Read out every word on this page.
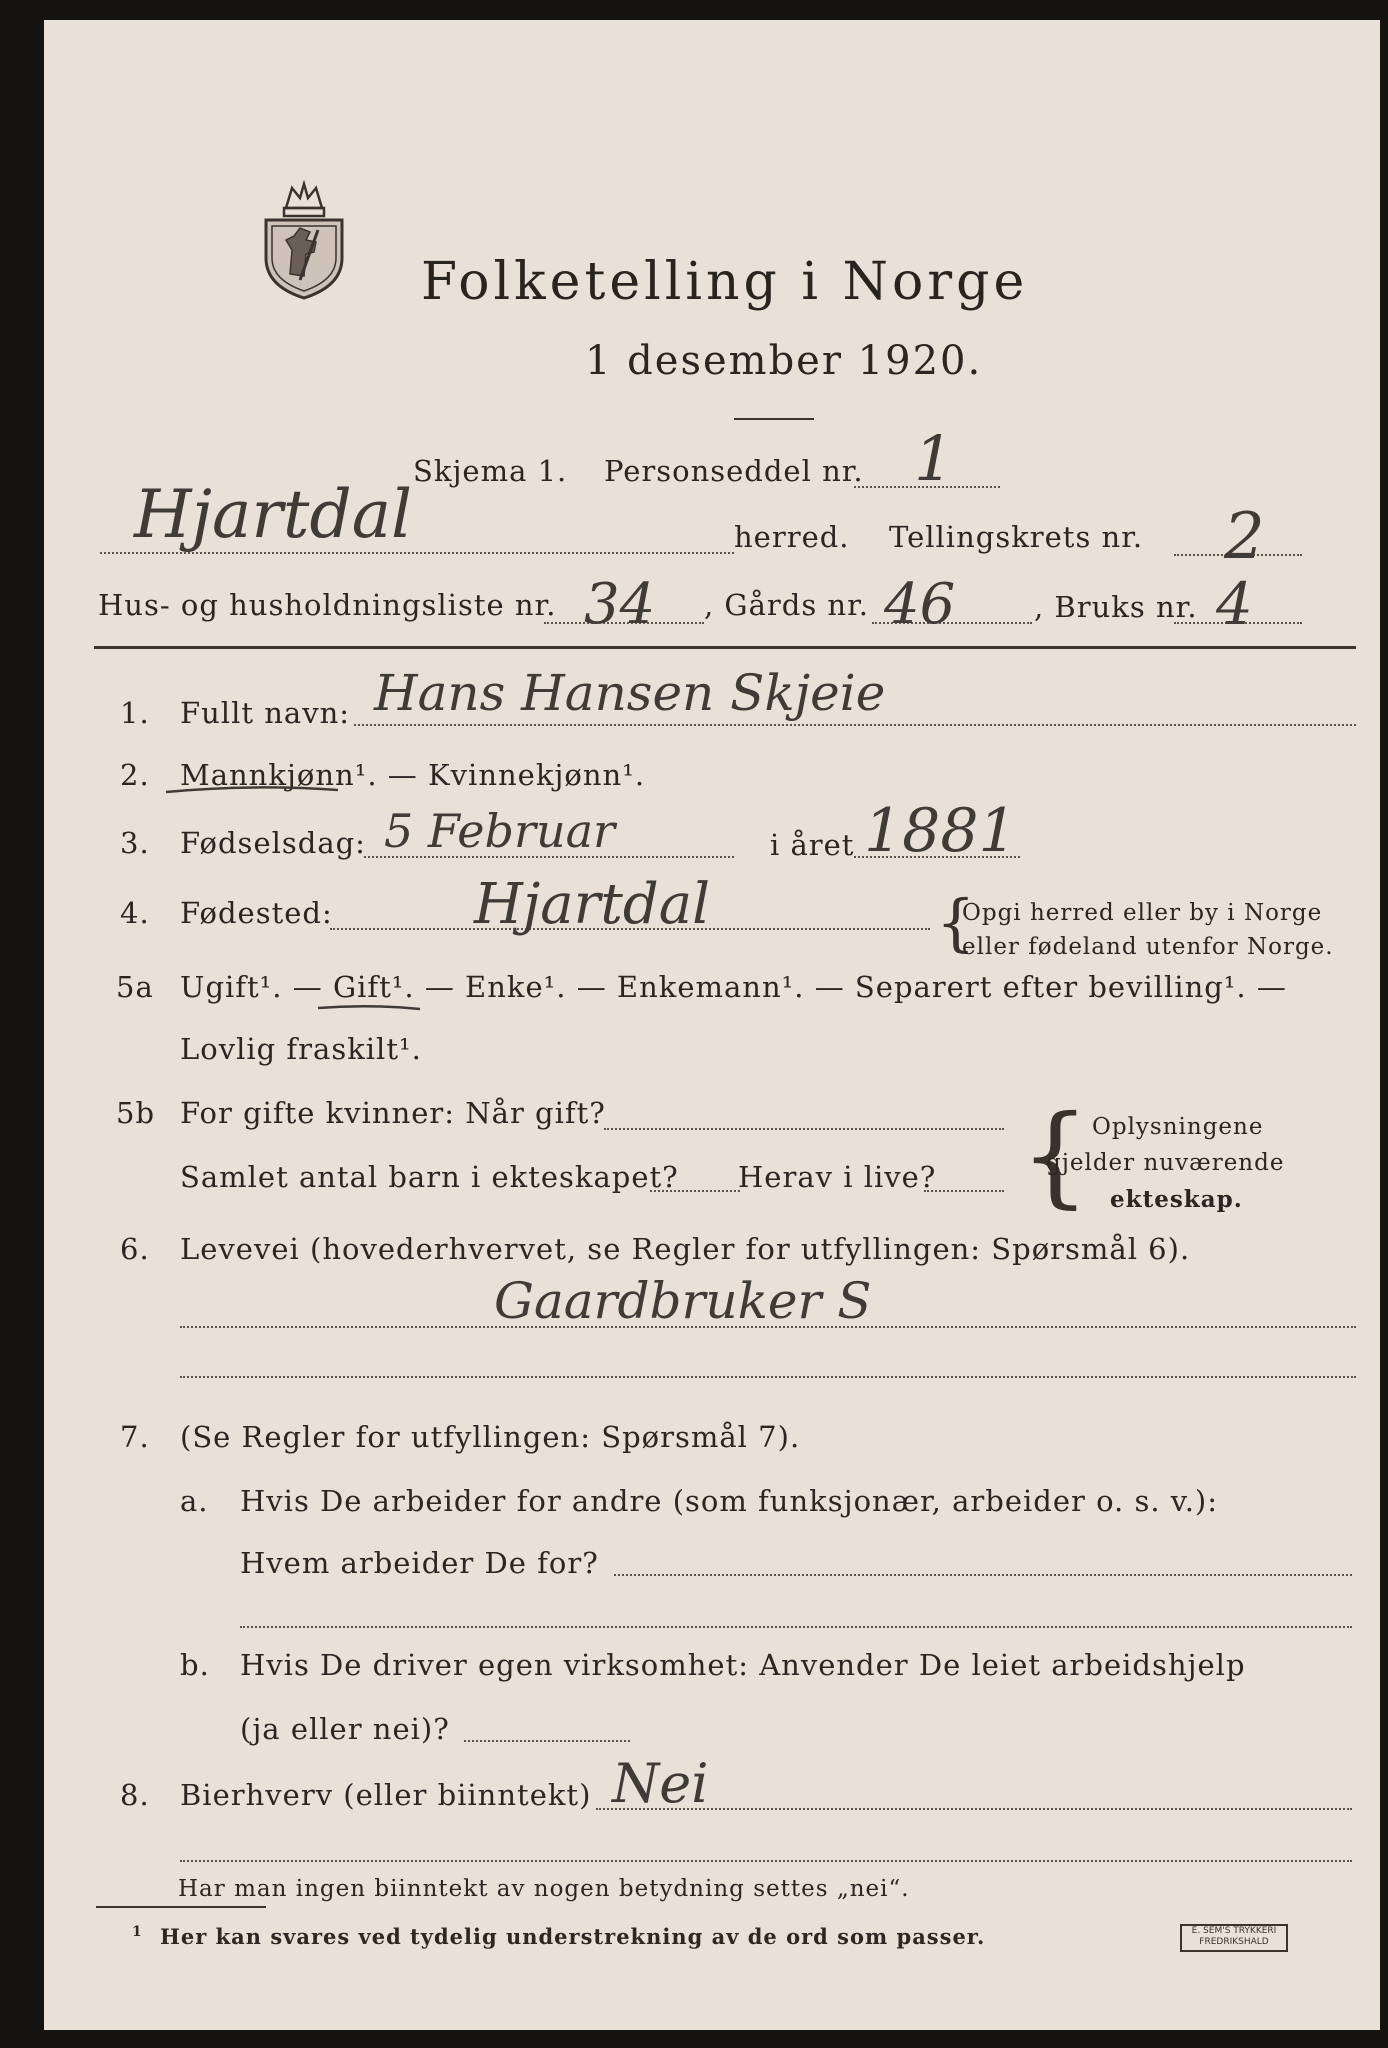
Folketelling i Norge
1 desember 1920.
Skjema 1. Personseddel nr. 1
Hjartdal	herred. Tellingskrets nr. 2
Hus- og husholdningsliste nr. 34 , Gårds nr. 46	, Bruks nr. 4
1. Fullt navn: Hans Hansen Skjeie
2. Mannkjønn¹. — Kvinnekjønn¹.
3. Fødselsdag: 5 Februar	i året 1881
4. Fødested:	Hjartdal	{
Opgi herred eller by i Norge
eller fødeland utenfor Norge.
5a Ugift¹. — Gift¹. — Enke¹. — Enkemann¹. — Separert efter bevilling¹. —
Lovlig fraskilt¹.
5b For gifte kvinner: Når gift?
Samlet antal barn i ekteskapet? Herav i live? { Oplysningene
gjelder nuværende
ekteskap.
6. Levevei (hovederhvervet, se Regler for utfyllingen: Spørsmål 6).
Gaardbruker S
7. (Se Regler for utfyllingen: Spørsmål 7).
a. Hvis De arbeider for andre (som funksjonær, arbeider o. s. v.):
Hvem arbeider De for?
b. Hvis De driver egen virksomhet: Anvender De leiet arbeidshjelp
(ja eller nei)?
8. Bierhverv (eller biinntekt) Nei
Har man ingen biinntekt av nogen betydning settes „nei“.
1 Her kan svares ved tydelig understrekning av de ord som passer.	E. SEM'S TRYKKERI FREDRIKSHALD
